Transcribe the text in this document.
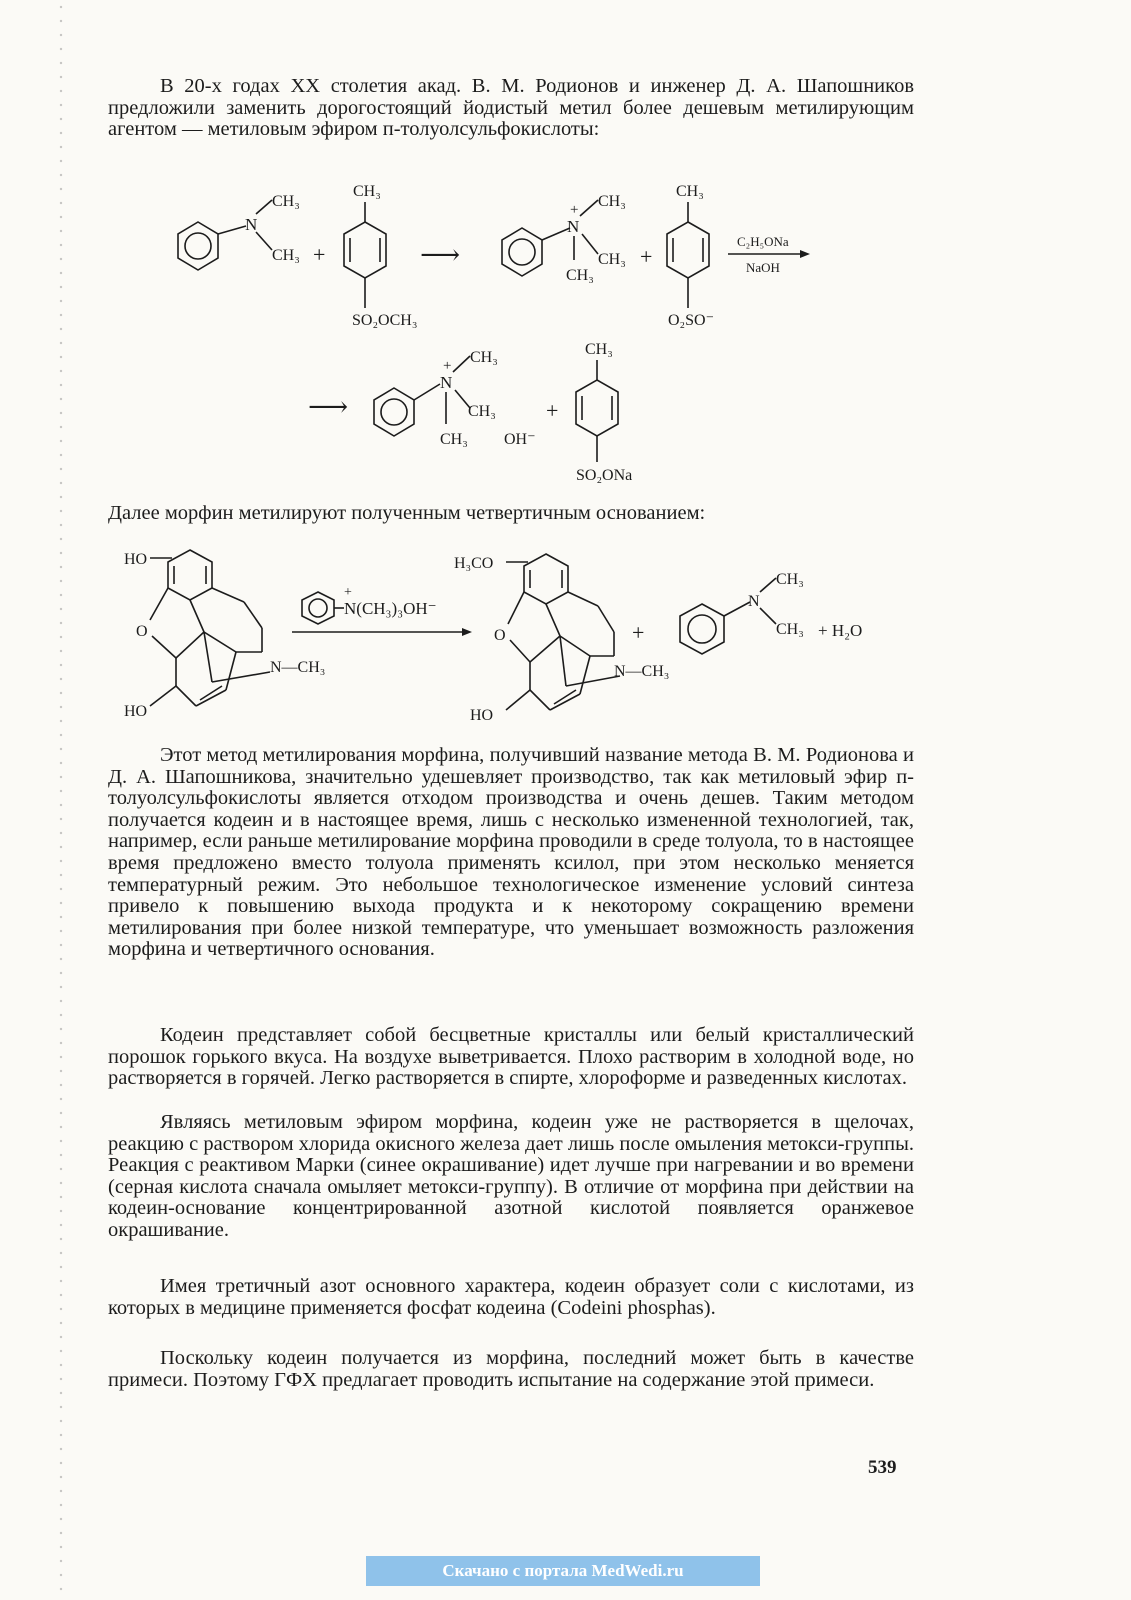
В 20-х годах XX столетия акад. В. М. Родионов и инженер Д. А. Шапошников предложили заменить дорогостоящий йодистый метил более дешевым метилирующим агентом — метиловым эфиром п-толуолсульфокислоты:

N
CH₃
CH₃ +
CH₃
SO₂OCH₃
⟶
N
+ CH₃
CH₃
CH₃
+
CH₃
O₂SO⁻
C₂H₅ONa
NaOH
⟶
N
+ CH₃
CH₃
CH₃ OH⁻
+
CH₃
SO₂ONa

Далее морфин метилируют полученным четвертичным основанием:

HO
O
HO
N—CH₃
N(CH₃)₃OH⁻
+
H₃CO
O
HO
N—CH₃
+
N
CH₃
CH₃ + H₂O

Этот метод метилирования морфина, получивший название метода В. М. Родионова и Д. А. Шапошникова, значительно удешевляет производство, так как метиловый эфир п-толуолсульфокислоты является отходом производства и очень дешев. Таким методом получается кодеин и в настоящее время, лишь с несколько измененной технологией, так, например, если раньше метилирование морфина проводили в среде толуола, то в настоящее время предложено вместо толуола применять ксилол, при этом несколько меняется температурный режим. Это небольшое технологическое изменение условий синтеза привело к повышению выхода продукта и к некоторому сокращению времени метилирования при более низкой температуре, что уменьшает возможность разложения морфина и четвертичного основания.

Кодеин представляет собой бесцветные кристаллы или белый кристаллический порошок горького вкуса. На воздухе выветривается. Плохо растворим в холодной воде, но растворяется в горячей. Легко растворяется в спирте, хлороформе и разведенных кислотах.

Являясь метиловым эфиром морфина, кодеин уже не растворяется в щелочах, реакцию с раствором хлорида окисного железа дает лишь после омыления метокси-группы. Реакция с реактивом Марки (синее окрашивание) идет лучше при нагревании и во времени (серная кислота сначала омыляет метокси-группу). В отличие от морфина при действии на кодеин-основание концентрированной азотной кислотой появляется оранжевое окрашивание.

Имея третичный азот основного характера, кодеин образует соли с кислотами, из которых в медицине применяется фосфат кодеина (Codeini phosphas).

Поскольку кодеин получается из морфина, последний может быть в качестве примеси. Поэтому ГФХ предлагает проводить испытание на содержание этой примеси.

539

Скачано с портала MedWedi.ru
